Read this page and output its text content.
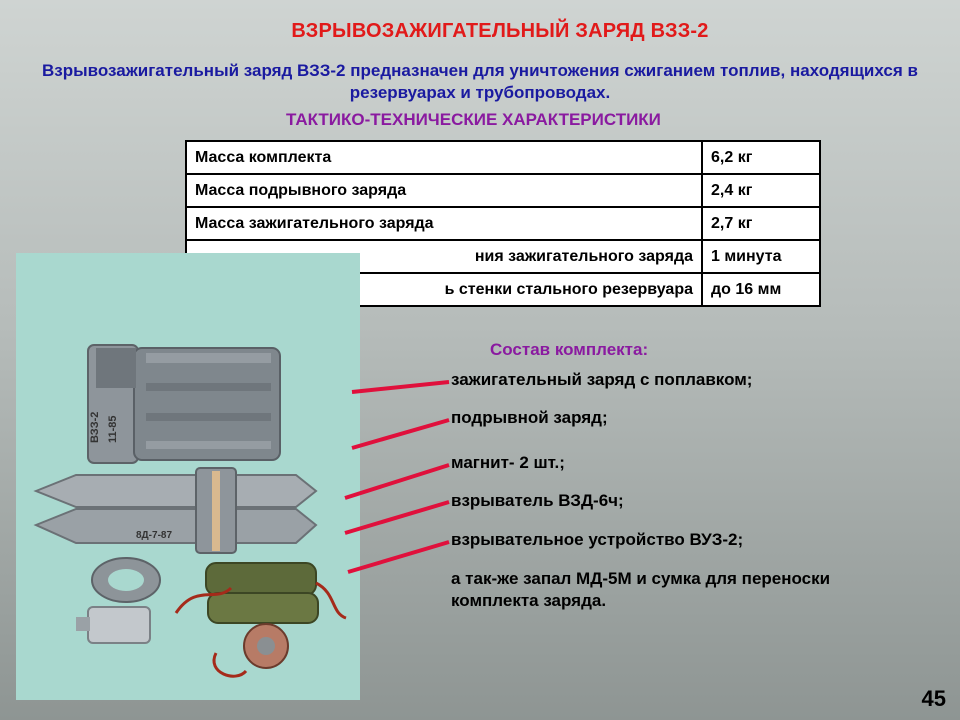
ВЗРЫВОЗАЖИГАТЕЛЬНЫЙ ЗАРЯД ВЗЗ-2
Взрывозажигательный заряд ВЗЗ-2 предназначен для уничтожения сжиганием топлив, находящихся в резервуарах и трубопроводах.
ТАКТИКО-ТЕХНИЧЕСКИЕ ХАРАКТЕРИСТИКИ
Масса комплекта	6,2 кг
Масса подрывного заряда	2,4 кг
Масса зажигательного заряда	2,7 кг
ния зажигательного заряда	1 минута
ь стенки стального резервуара	до 16 мм
ВЗЗ-2 11-85
8Д-7-87
Состав комплекта:
зажигательный заряд с поплавком;
подрывной заряд;
магнит- 2 шт.;
взрыватель ВЗД-6ч;
взрывательное устройство ВУЗ-2;
а так-же запал МД-5М и сумка для переноски комплекта заряда.
45
